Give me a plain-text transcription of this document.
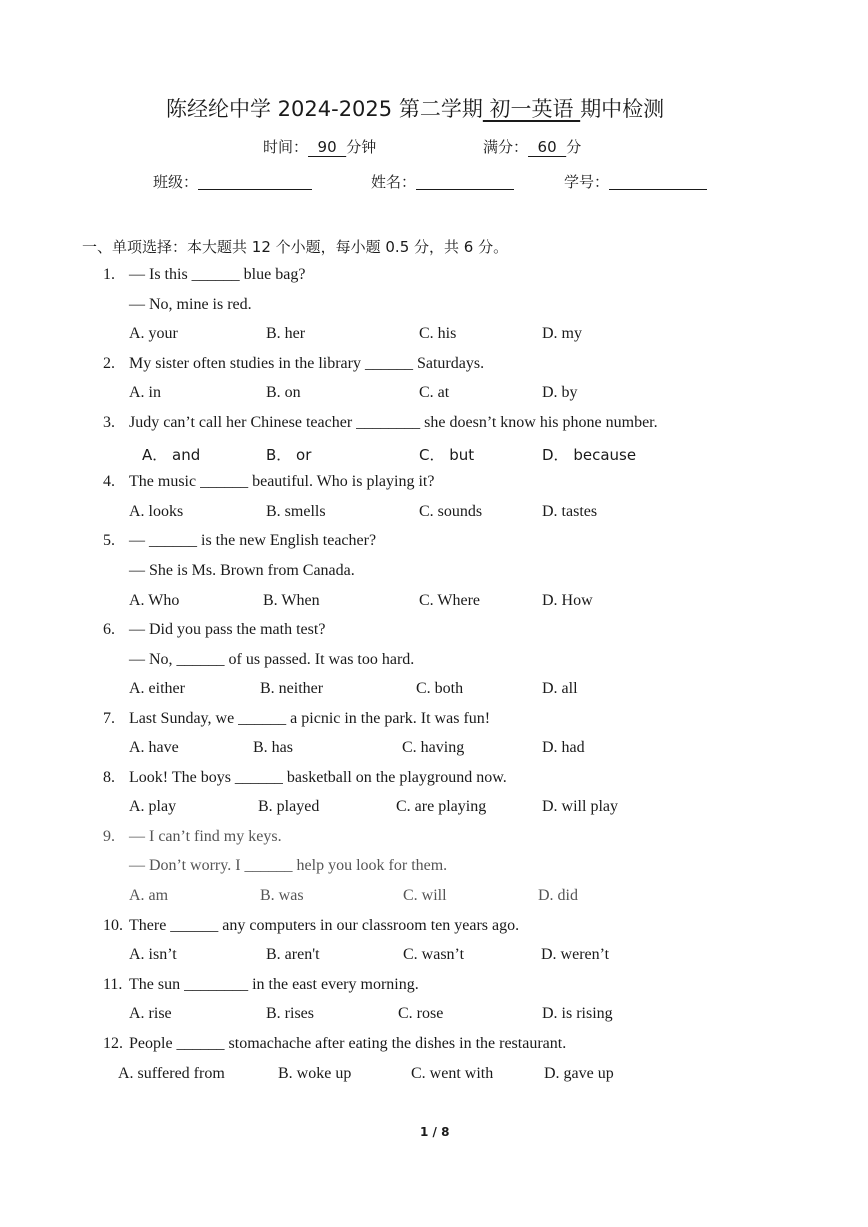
陈经纶中学 2024-2025 第二学期 初一英语 期中检测
时间：  90  分钟	满分：  60  分
班级：	姓名：	学号：
一、单项选择：本大题共 12 个小题，每小题 0.5 分，共 6 分。
1. — Is this ______ blue bag?
— No, mine is red.
A. your	B. her	C. his	D. my
2. My sister often studies in the library ______ Saturdays.
A. in	B. on	C. at	D. by
3. Judy can’t call her Chinese teacher ________ she doesn’t know his phone number.
A． and	B． or	C． but	D． because
4. The music ______ beautiful. Who is playing it?
A. looks	B. smells	C. sounds	D. tastes
5. — ______ is the new English teacher?
— She is Ms. Brown from Canada.
A. Who	B. When	C. Where	D. How
6. — Did you pass the math test?
— No, ______ of us passed. It was too hard.
A. either	B. neither	C. both	D. all
7. Last Sunday, we ______ a picnic in the park. It was fun!
A. have	B. has	C. having	D. had
8. Look! The boys ______ basketball on the playground now.
A. play	B. played	C. are playing	D. will play
9. — I can’t find my keys.
— Don’t worry. I ______ help you look for them.
A. am	B. was	C. will	D. did
10. There ______ any computers in our classroom ten years ago.
A. isn’t	B. aren't	C. wasn’t	D. weren’t
11. The sun ________ in the east every morning.
A. rise	B. rises	C. rose	D. is rising
12. People ______ stomachache after eating the dishes in the restaurant.
A. suffered from	B. woke up	C. went with	D. gave up
1 / 8
